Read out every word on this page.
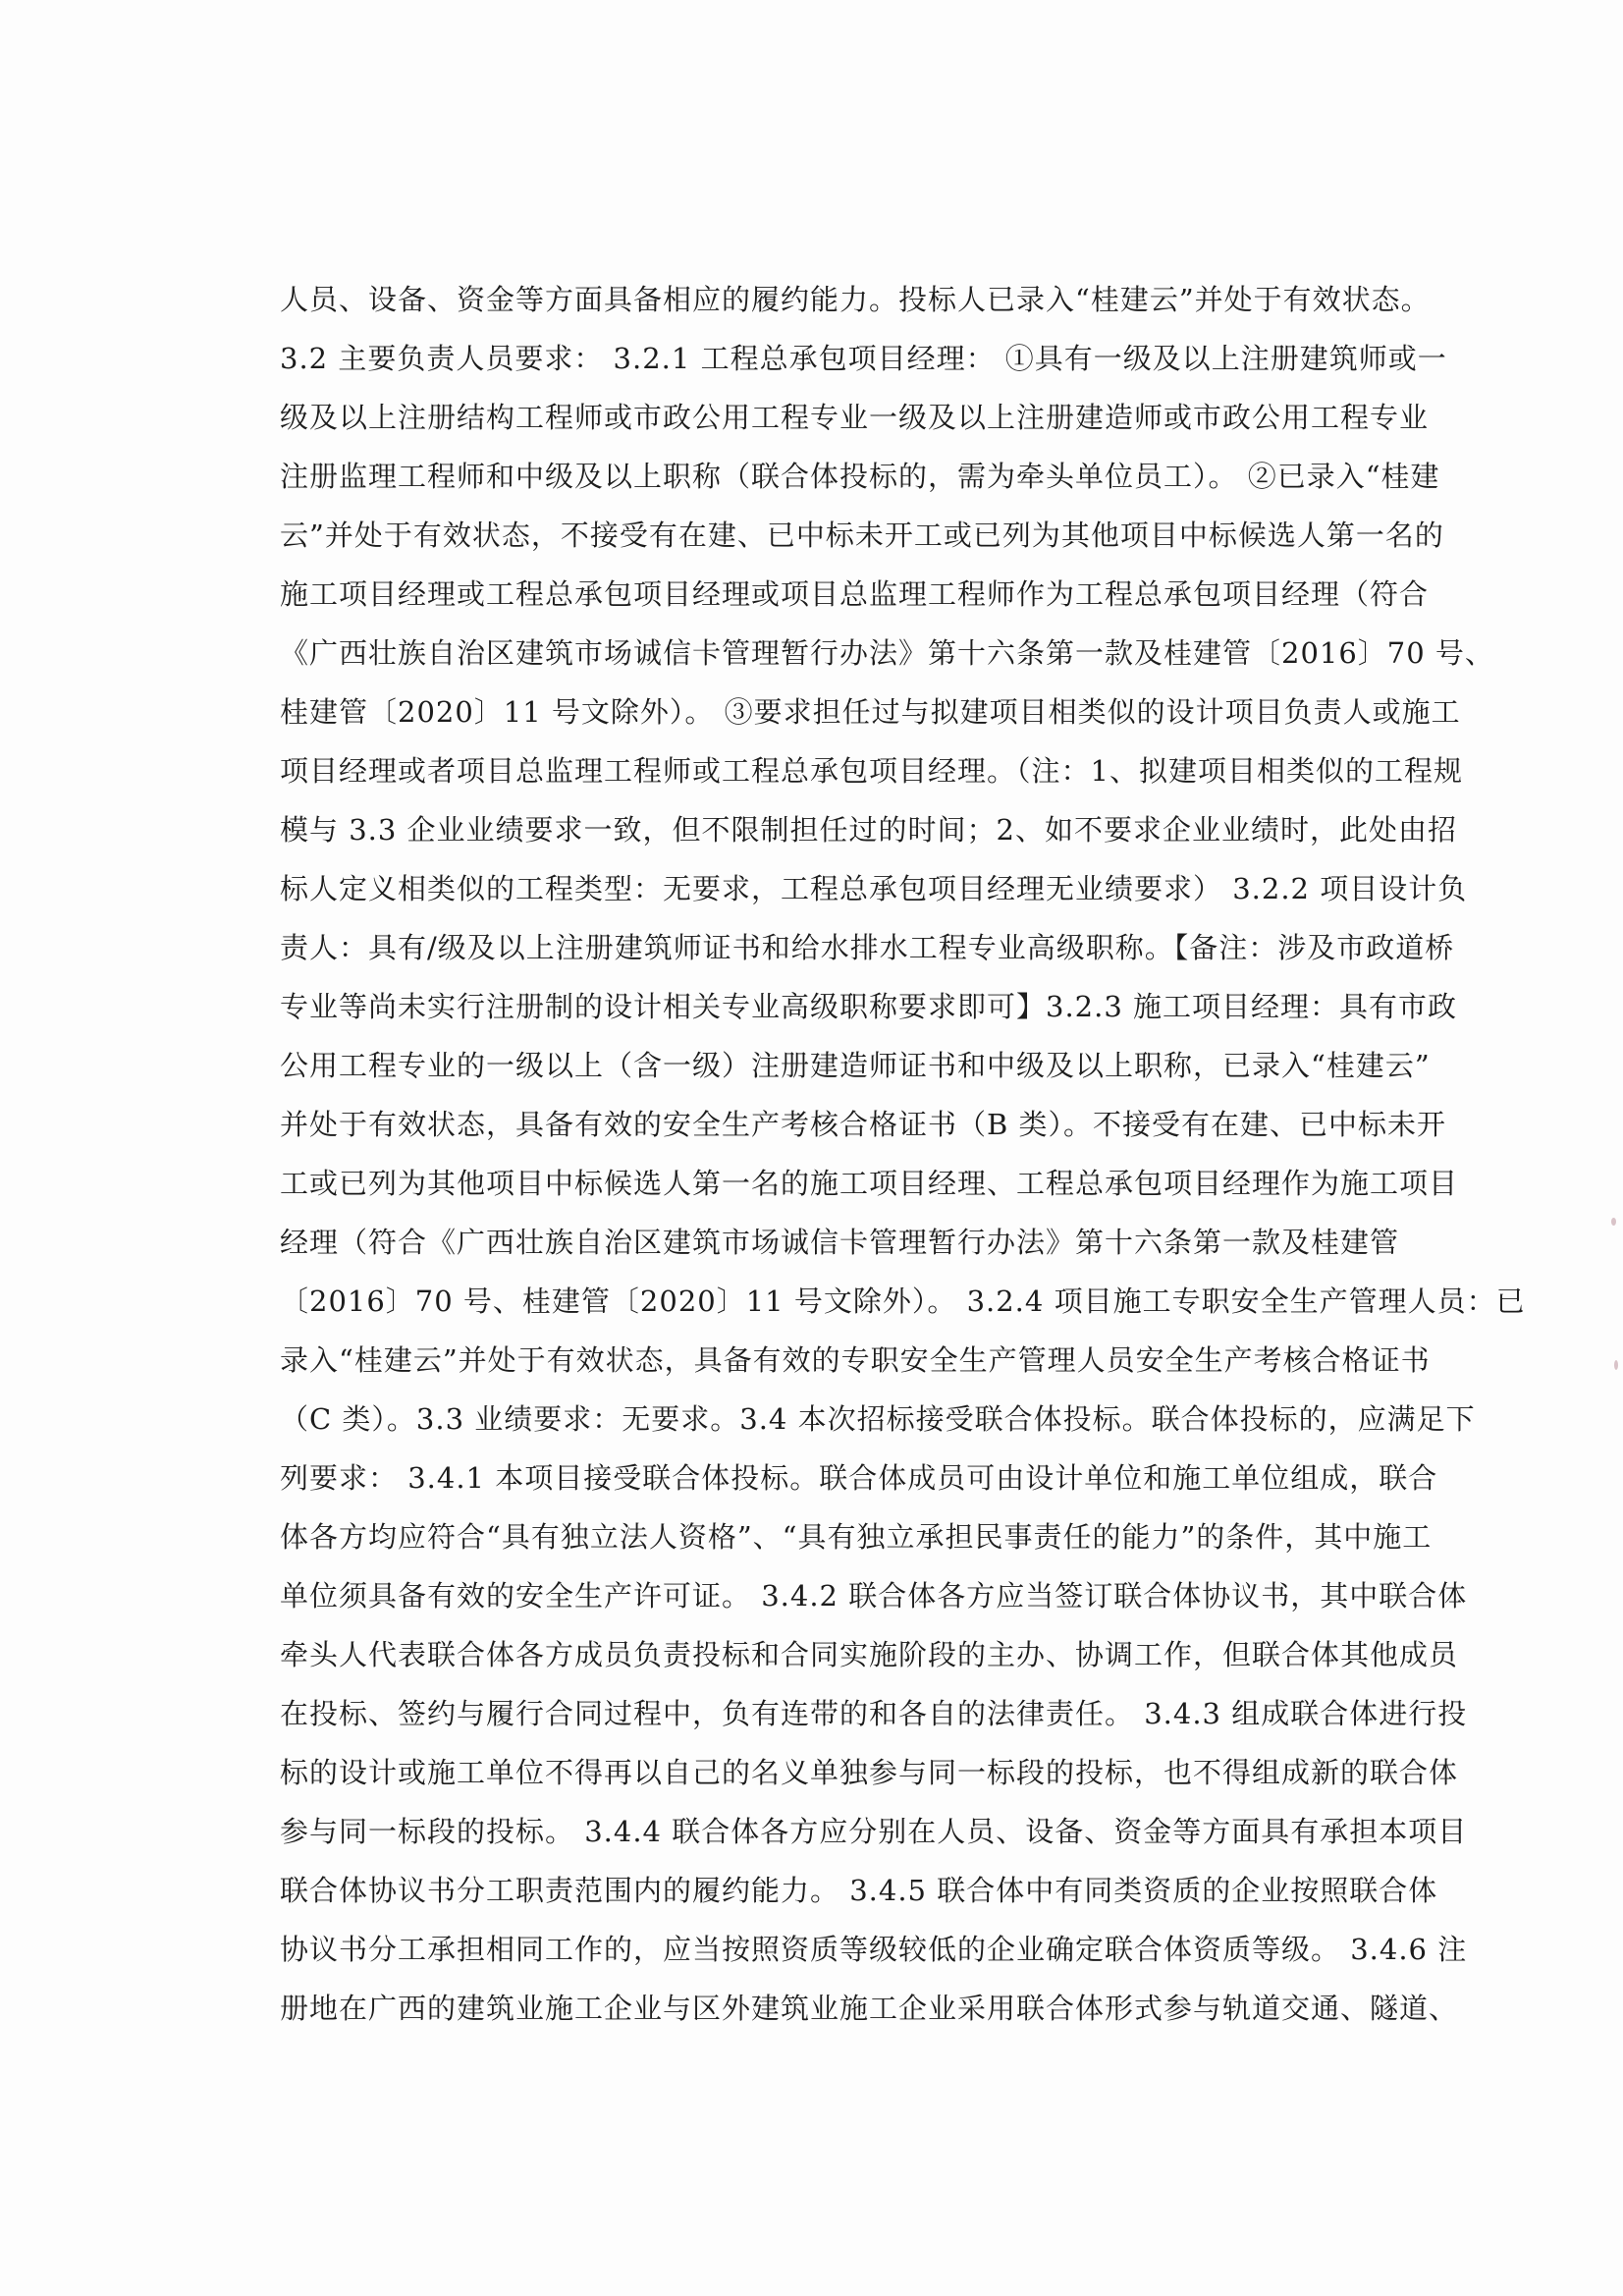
人员、设备、资金等方面具备相应的履约能力。投标人已录入“桂建云”并处于有效状态。
3.2 主要负责人员要求： 3.2.1 工程总承包项目经理： ①具有一级及以上注册建筑师或一
级及以上注册结构工程师或市政公用工程专业一级及以上注册建造师或市政公用工程专业
注册监理工程师和中级及以上职称（联合体投标的，需为牵头单位员工）。 ②已录入“桂建
云”并处于有效状态，不接受有在建、已中标未开工或已列为其他项目中标候选人第一名的
施工项目经理或工程总承包项目经理或项目总监理工程师作为工程总承包项目经理（符合
《广西壮族自治区建筑市场诚信卡管理暂行办法》第十六条第一款及桂建管〔2016〕70 号、
桂建管〔2020〕11 号文除外）。 ③要求担任过与拟建项目相类似的设计项目负责人或施工
项目经理或者项目总监理工程师或工程总承包项目经理。（注：1、拟建项目相类似的工程规
模与 3.3 企业业绩要求一致，但不限制担任过的时间；2、如不要求企业业绩时，此处由招
标人定义相类似的工程类型：无要求，工程总承包项目经理无业绩要求） 3.2.2 项目设计负
责人：具有/级及以上注册建筑师证书和给水排水工程专业高级职称。【备注：涉及市政道桥
专业等尚未实行注册制的设计相关专业高级职称要求即可】3.2.3 施工项目经理：具有市政
公用工程专业的一级以上（含一级）注册建造师证书和中级及以上职称，已录入“桂建云”
并处于有效状态，具备有效的安全生产考核合格证书（B 类）。不接受有在建、已中标未开
工或已列为其他项目中标候选人第一名的施工项目经理、工程总承包项目经理作为施工项目
经理（符合《广西壮族自治区建筑市场诚信卡管理暂行办法》第十六条第一款及桂建管
〔2016〕70 号、桂建管〔2020〕11 号文除外）。 3.2.4 项目施工专职安全生产管理人员：已
录入“桂建云”并处于有效状态，具备有效的专职安全生产管理人员安全生产考核合格证书
（C 类）。3.3 业绩要求：无要求。3.4 本次招标接受联合体投标。联合体投标的，应满足下
列要求： 3.4.1 本项目接受联合体投标。联合体成员可由设计单位和施工单位组成，联合
体各方均应符合“具有独立法人资格”、“具有独立承担民事责任的能力”的条件，其中施工
单位须具备有效的安全生产许可证。 3.4.2 联合体各方应当签订联合体协议书，其中联合体
牵头人代表联合体各方成员负责投标和合同实施阶段的主办、协调工作，但联合体其他成员
在投标、签约与履行合同过程中，负有连带的和各自的法律责任。 3.4.3 组成联合体进行投
标的设计或施工单位不得再以自己的名义单独参与同一标段的投标，也不得组成新的联合体
参与同一标段的投标。 3.4.4 联合体各方应分别在人员、设备、资金等方面具有承担本项目
联合体协议书分工职责范围内的履约能力。 3.4.5 联合体中有同类资质的企业按照联合体
协议书分工承担相同工作的，应当按照资质等级较低的企业确定联合体资质等级。 3.4.6 注
册地在广西的建筑业施工企业与区外建筑业施工企业采用联合体形式参与轨道交通、隧道、
